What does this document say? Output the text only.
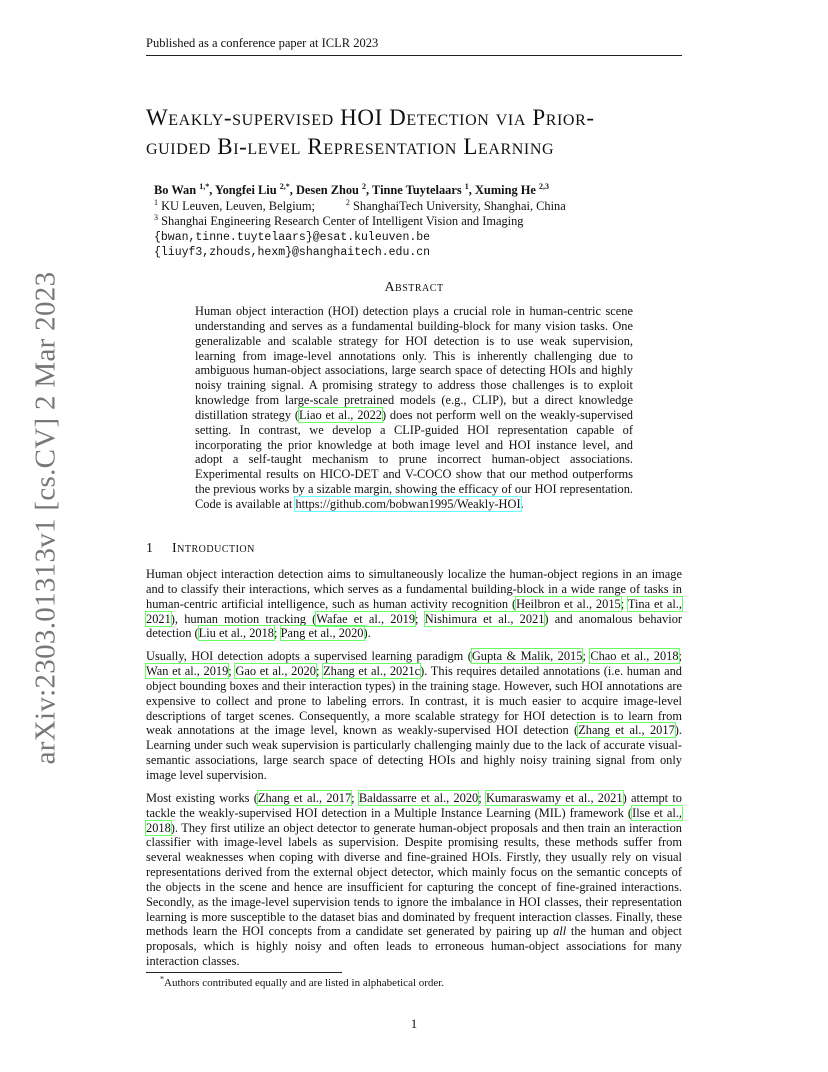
Published as a conference paper at ICLR 2023
arXiv:2303.01313v1 [cs.CV] 2 Mar 2023
Weakly-supervised HOI Detection via Prior-
guided Bi-level Representation Learning
Bo Wan $^{1,*}$, Yongfei Liu $^{2,*}$, Desen Zhou $^2$, Tinne Tuytelaars $^1$, Xuming He $^{2,3}$
$^1$ KU Leuven, Leuven, Belgium;	$^2$ ShanghaiTech University, Shanghai, China
$^3$ Shanghai Engineering Research Center of Intelligent Vision and Imaging
{bwan,tinne.tuytelaars}@esat.kuleuven.be
{liuyf3,zhouds,hexm}@shanghaitech.edu.cn
Abstract
Human object interaction (HOI) detection plays a crucial role in human-centric scene understanding and serves as a fundamental building-block for many vision tasks. One generalizable and scalable strategy for HOI detection is to use weak supervision, learning from image-level annotations only. This is inherently challenging due to ambiguous human-object associations, large search space of detecting HOIs and highly noisy training signal. A promising strategy to address those challenges is to exploit knowledge from large-scale pretrained models (e.g., CLIP), but a direct knowledge distillation strategy (Liao et al., 2022) does not perform well on the weakly-supervised setting. In contrast, we develop a CLIP-guided HOI representation capable of incorporating the prior knowledge at both image level and HOI instance level, and adopt a self-taught mechanism to prune incorrect human-object associations. Experimental results on HICO-DET and V-COCO show that our method outperforms the previous works by a sizable margin, showing the efficacy of our HOI representation. Code is available at https://github.com/bobwan1995/Weakly-HOI.
1 Introduction

Human object interaction detection aims to simultaneously localize the human-object regions in an image and to classify their interactions, which serves as a fundamental building-block in a wide range of tasks in human-centric artificial intelligence, such as human activity recognition (Heilbron et al., 2015; Tina et al., 2021), human motion tracking (Wafae et al., 2019; Nishimura et al., 2021) and anomalous behavior detection (Liu et al., 2018; Pang et al., 2020).

Usually, HOI detection adopts a supervised learning paradigm (Gupta & Malik, 2015; Chao et al., 2018; Wan et al., 2019; Gao et al., 2020; Zhang et al., 2021c). This requires detailed annotations (i.e. human and object bounding boxes and their interaction types) in the training stage. However, such HOI annotations are expensive to collect and prone to labeling errors. In contrast, it is much easier to acquire image-level descriptions of target scenes. Consequently, a more scalable strategy for HOI detection is to learn from weak annotations at the image level, known as weakly-supervised HOI detection (Zhang et al., 2017). Learning under such weak supervision is particularly challenging mainly due to the lack of accurate visual-semantic associations, large search space of detecting HOIs and highly noisy training signal from only image level supervision.

Most existing works (Zhang et al., 2017; Baldassarre et al., 2020; Kumaraswamy et al., 2021) attempt to tackle the weakly-supervised HOI detection in a Multiple Instance Learning (MIL) framework (Ilse et al., 2018). They first utilize an object detector to generate human-object proposals and then train an interaction classifier with image-level labels as supervision. Despite promising results, these methods suffer from several weaknesses when coping with diverse and fine-grained HOIs. Firstly, they usually rely on visual representations derived from the external object detector, which mainly focus on the semantic concepts of the objects in the scene and hence are insufficient for capturing the concept of fine-grained interactions. Secondly, as the image-level supervision tends to ignore the imbalance in HOI classes, their representation learning is more susceptible to the dataset bias and dominated by frequent interaction classes. Finally, these methods learn the HOI concepts from a candidate set generated by pairing up all the human and object proposals, which is highly noisy and often leads to erroneous human-object associations for many interaction classes.

*Authors contributed equally and are listed in alphabetical order.
1
